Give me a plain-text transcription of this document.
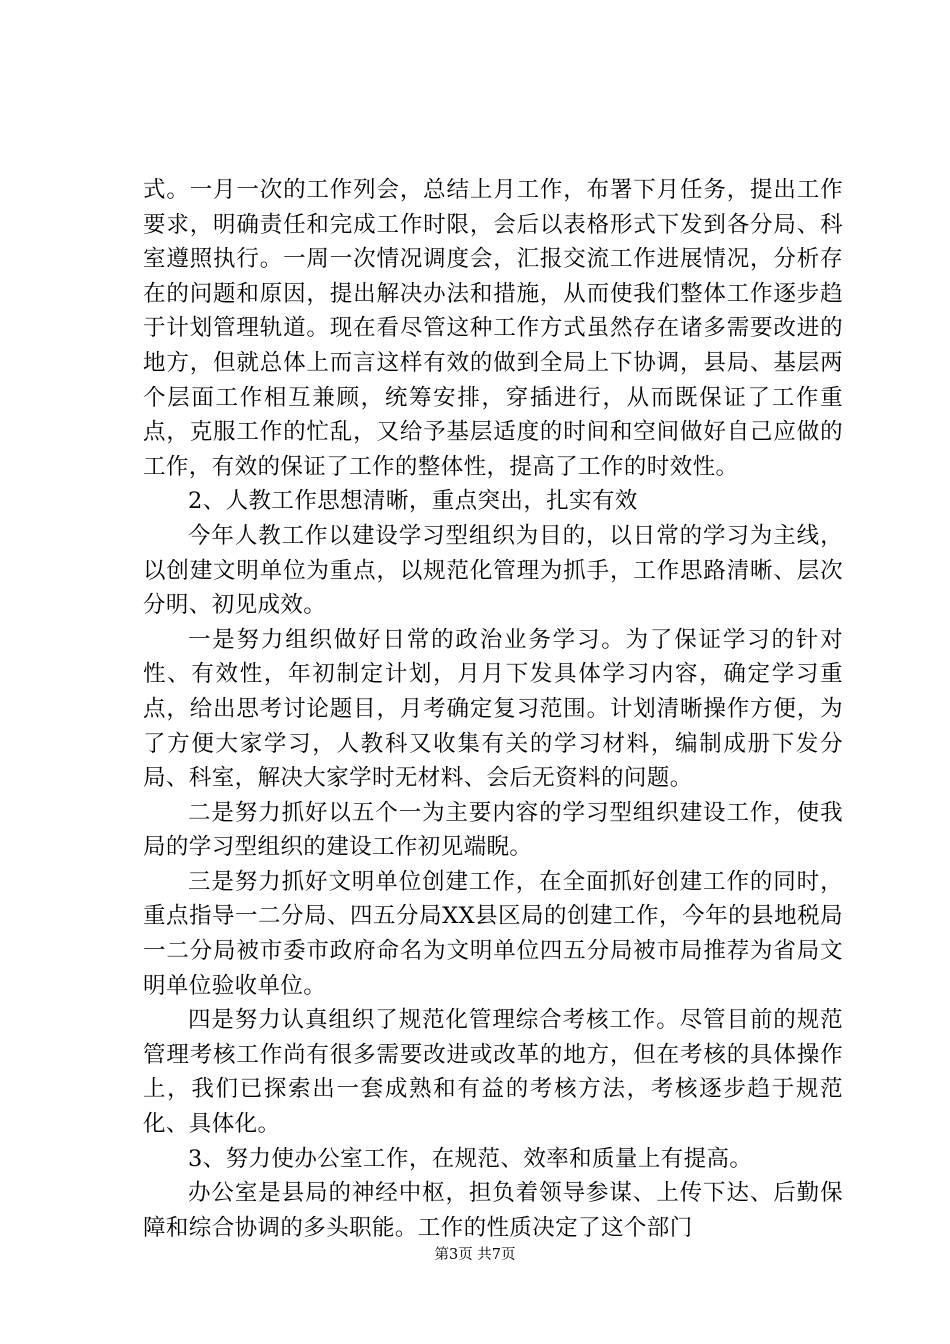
式。一月一次的工作列会，总结上月工作，布署下月任务，提出工作要求，明确责任和完成工作时限，会后以表格形式下发到各分局、科室遵照执行。一周一次情况调度会，汇报交流工作进展情况，分析存在的问题和原因，提出解决办法和措施，从而使我们整体工作逐步趋于计划管理轨道。现在看尽管这种工作方式虽然存在诸多需要改进的地方，但就总体上而言这样有效的做到全局上下协调，县局、基层两个层面工作相互兼顾，统筹安排，穿插进行，从而既保证了工作重点，克服工作的忙乱，又给予基层适度的时间和空间做好自己应做的工作，有效的保证了工作的整体性，提高了工作的时效性。

2、人教工作思想清晰，重点突出，扎实有效

今年人教工作以建设学习型组织为目的，以日常的学习为主线，以创建文明单位为重点，以规范化管理为抓手，工作思路清晰、层次分明、初见成效。

一是努力组织做好日常的政治业务学习。为了保证学习的针对性、有效性，年初制定计划，月月下发具体学习内容，确定学习重点，给出思考讨论题目，月考确定复习范围。计划清晰操作方便，为了方便大家学习，人教科又收集有关的学习材料，编制成册下发分局、科室，解决大家学时无材料、会后无资料的问题。

二是努力抓好以五个一为主要内容的学习型组织建设工作，使我局的学习型组织的建设工作初见端睨。

三是努力抓好文明单位创建工作，在全面抓好创建工作的同时，重点指导一二分局、四五分局XX县区局的创建工作，今年的县地税局一二分局被市委市政府命名为文明单位四五分局被市局推荐为省局文明单位验收单位。

四是努力认真组织了规范化管理综合考核工作。尽管目前的规范管理考核工作尚有很多需要改进或改革的地方，但在考核的具体操作上，我们已探索出一套成熟和有益的考核方法，考核逐步趋于规范化、具体化。

3、努力使办公室工作，在规范、效率和质量上有提高。

办公室是县局的神经中枢，担负着领导参谋、上传下达、后勤保障和综合协调的多头职能。工作的性质决定了这个部门

第3页 共7页
